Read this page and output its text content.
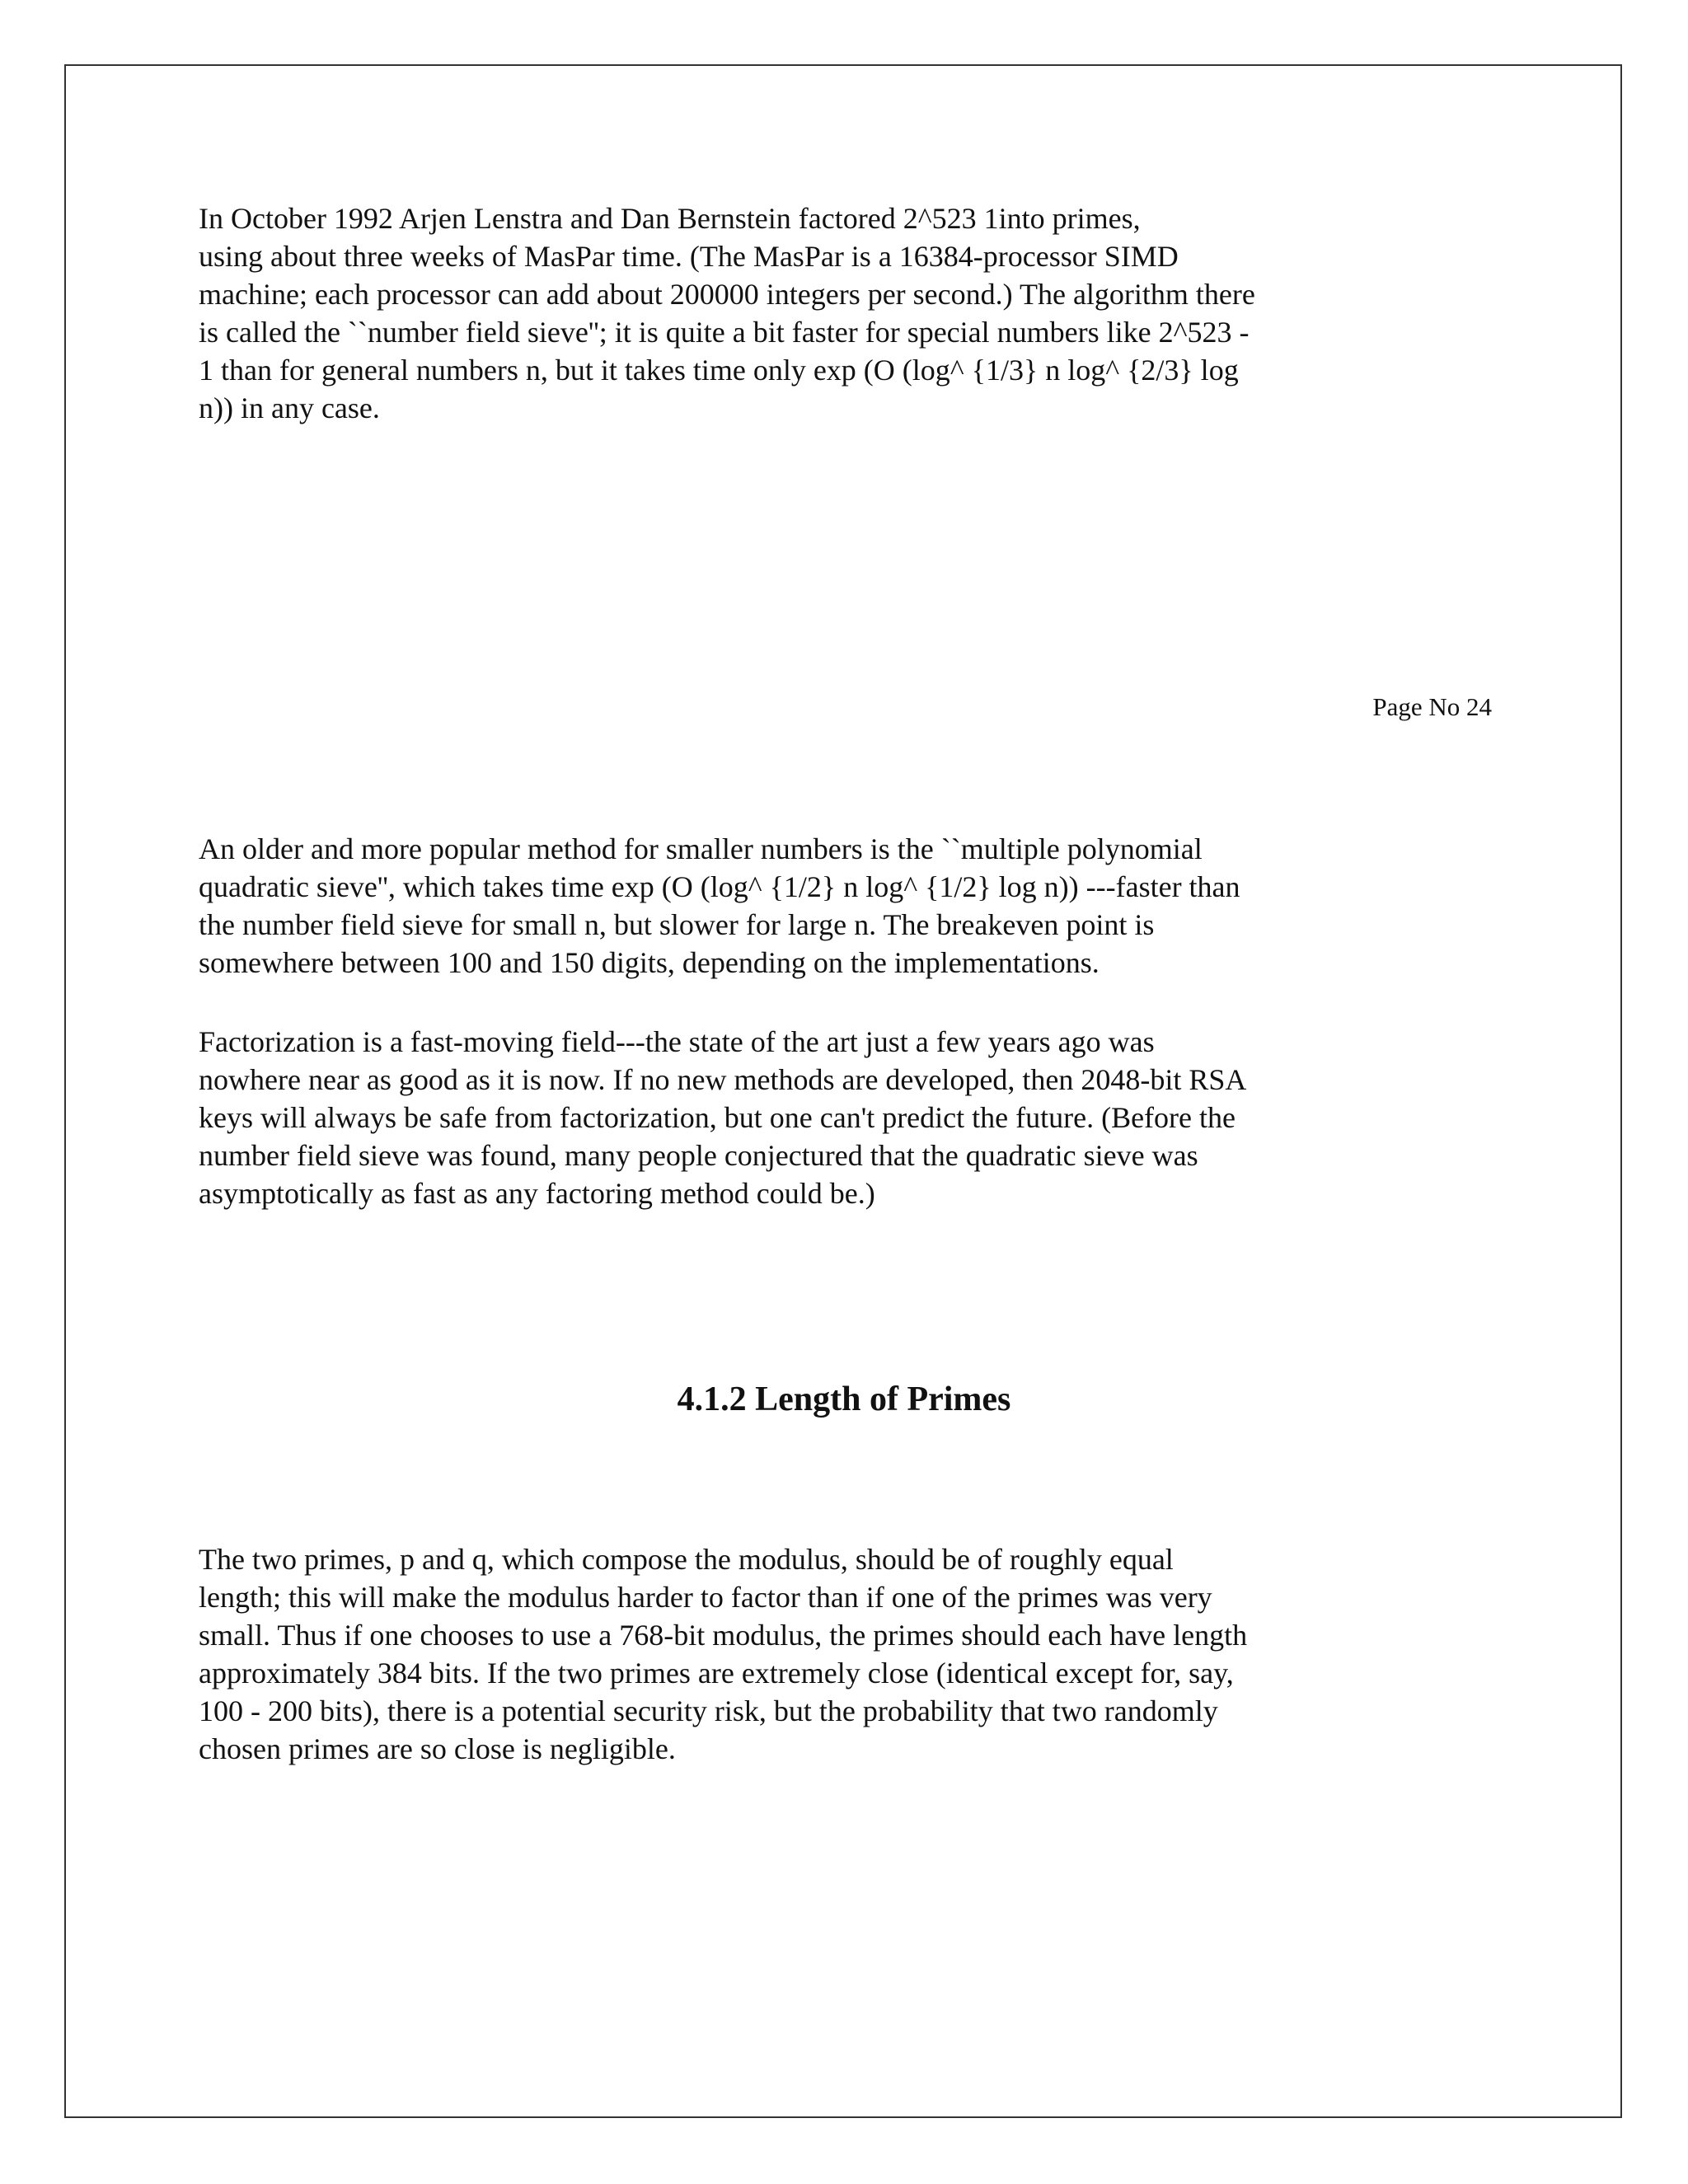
In October 1992 Arjen Lenstra and Dan Bernstein factored 2^523 1into primes,
using about three weeks of MasPar time. (The MasPar is a 16384-processor SIMD
machine; each processor can add about 200000 integers per second.) The algorithm there
is called the ``number field sieve''; it is quite a bit faster for special numbers like 2^523 -
1 than for general numbers n, but it takes time only exp (O (log^ {1/3} n log^ {2/3} log
n)) in any case.

Page No 24

An older and more popular method for smaller numbers is the ``multiple polynomial
quadratic sieve'', which takes time exp (O (log^ {1/2} n log^ {1/2} log n)) ---faster than
the number field sieve for small n, but slower for large n. The breakeven point is
somewhere between 100 and 150 digits, depending on the implementations.

Factorization is a fast-moving field---the state of the art just a few years ago was
nowhere near as good as it is now. If no new methods are developed, then 2048-bit RSA
keys will always be safe from factorization, but one can't predict the future. (Before the
number field sieve was found, many people conjectured that the quadratic sieve was
asymptotically as fast as any factoring method could be.)

4.1.2 Length of Primes

The two primes, p and q, which compose the modulus, should be of roughly equal
length; this will make the modulus harder to factor than if one of the primes was very
small. Thus if one chooses to use a 768-bit modulus, the primes should each have length
approximately 384 bits. If the two primes are extremely close (identical except for, say,
100 - 200 bits), there is a potential security risk, but the probability that two randomly
chosen primes are so close is negligible.
